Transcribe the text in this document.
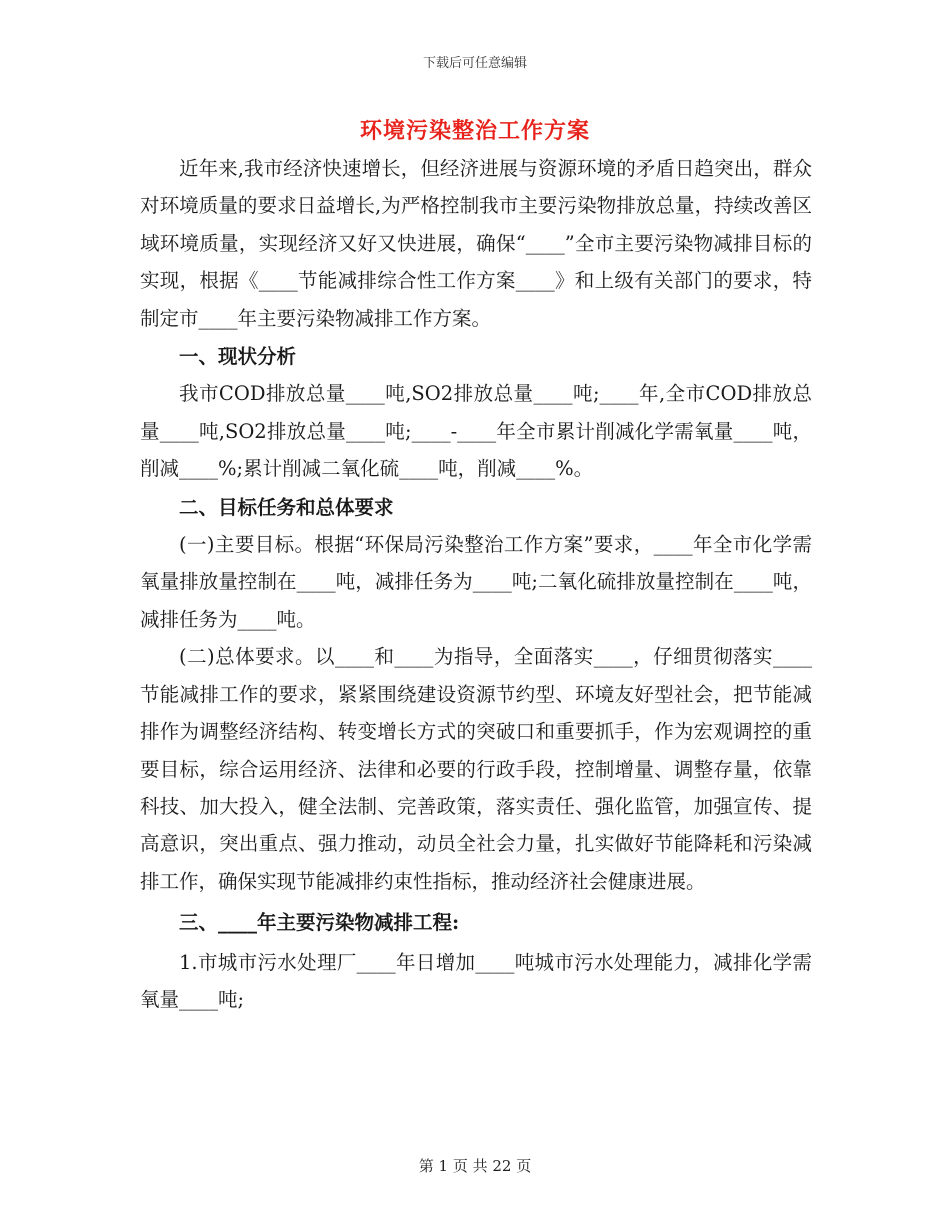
下载后可任意编辑
环境污染整治工作方案

近年来,我市经济快速增长，但经济进展与资源环境的矛盾日趋突出，群众对环境质量的要求日益增长,为严格控制我市主要污染物排放总量，持续改善区域环境质量，实现经济又好又快进展，确保“____”全市主要污染物减排目标的实现，根据《____节能减排综合性工作方案____》和上级有关部门的要求，特制定市____年主要污染物减排工作方案。

一、现状分析

我市COD排放总量____吨,SO2排放总量____吨;____年,全市COD排放总量____吨,SO2排放总量____吨;____-____年全市累计削减化学需氧量____吨，削减____%;累计削减二氧化硫____吨，削减____%。

二、目标任务和总体要求

(一)主要目标。根据“环保局污染整治工作方案”要求，____年全市化学需氧量排放量控制在____吨，减排任务为____吨;二氧化硫排放量控制在____吨，减排任务为____吨。

(二)总体要求。以____和____为指导，全面落实____，仔细贯彻落实____节能减排工作的要求，紧紧围绕建设资源节约型、环境友好型社会，把节能减排作为调整经济结构、转变增长方式的突破口和重要抓手，作为宏观调控的重要目标，综合运用经济、法律和必要的行政手段，控制增量、调整存量，依靠科技、加大投入，健全法制、完善政策，落实责任、强化监管，加强宣传、提高意识，突出重点、强力推动，动员全社会力量，扎实做好节能降耗和污染减排工作，确保实现节能减排约束性指标，推动经济社会健康进展。

三、____年主要污染物减排工程:

1.市城市污水处理厂____年日增加____吨城市污水处理能力，减排化学需氧量____吨;

第 1 页 共 22 页
